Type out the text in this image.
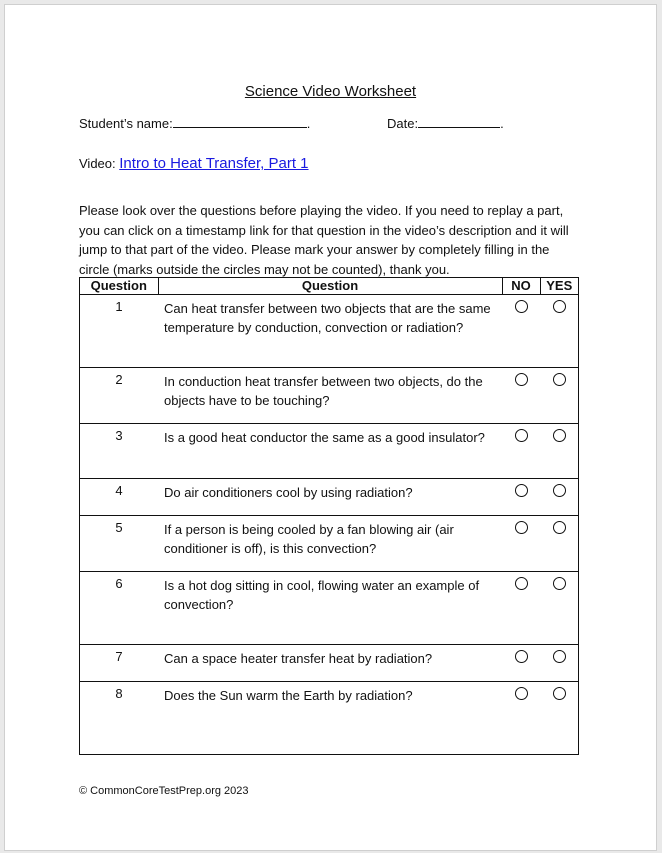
Science Video Worksheet
Student’s name:	.	Date:	.
Video: Intro to Heat Transfer, Part 1
Please look over the questions before playing the video. If you need to replay a part, you can click on a timestamp link for that question in the video’s description and it will jump to that part of the video. Please mark your answer by completely filling in the circle (marks outside the circles may not be counted), thank you.
Question	Question	NO	YES
1	Can heat transfer between two objects that are the same temperature by conduction, convection or radiation?		
2	In conduction heat transfer between two objects, do the objects have to be touching?		
3	Is a good heat conductor the same as a good insulator?		
4	Do air conditioners cool by using radiation?		
5	If a person is being cooled by a fan blowing air (air conditioner is off), is this convection?		
6	Is a hot dog sitting in cool, flowing water an example of convection?		
7	Can a space heater transfer heat by radiation?		
8	Does the Sun warm the Earth by radiation?		
© CommonCoreTestPrep.org 2023
